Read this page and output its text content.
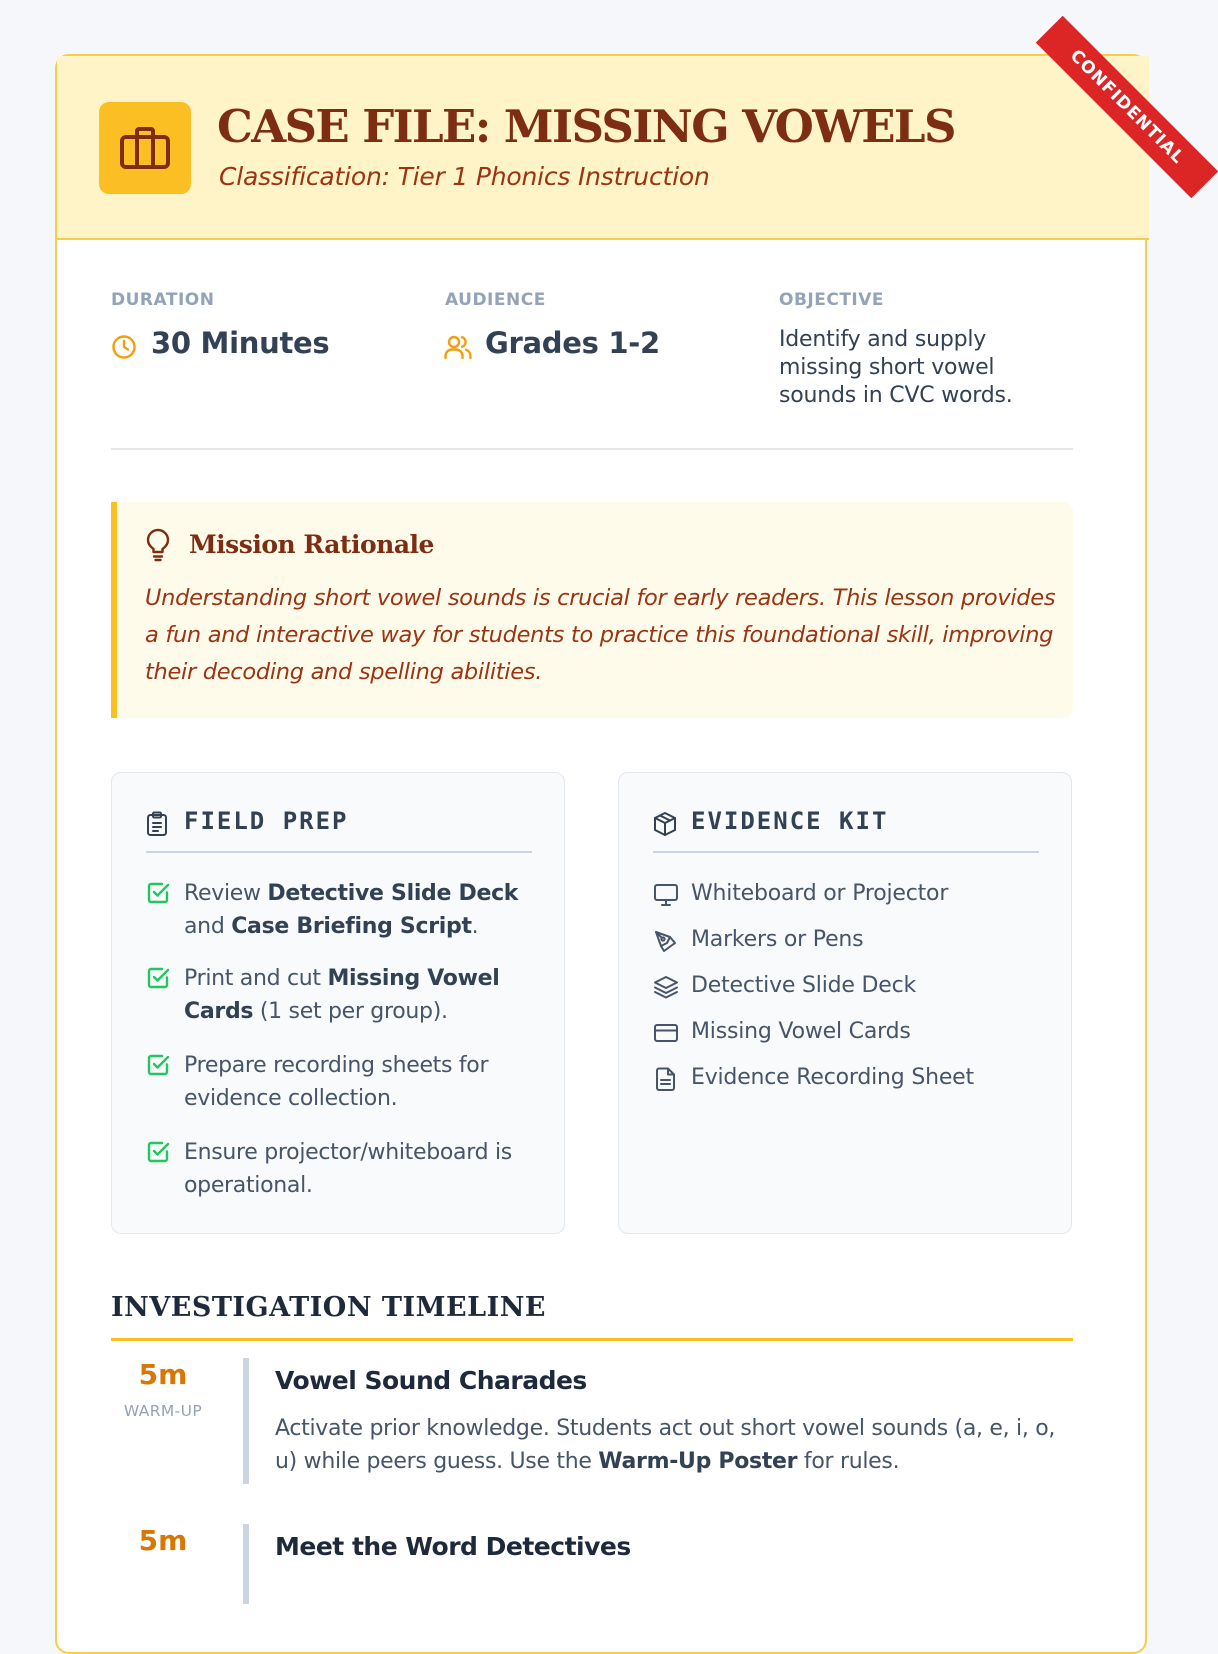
CASE FILE: MISSING VOWELS
Classification: Tier 1 Phonics Instruction
CONFIDENTIAL
DURATION
30 Minutes
AUDIENCE
Grades 1-2
OBJECTIVE
Identify and supply missing short vowel sounds in CVC words.
Mission Rationale
Understanding short vowel sounds is crucial for early readers. This lesson provides a fun and interactive way for students to practice this foundational skill, improving their decoding and spelling abilities.
FIELD PREP
Review Detective Slide Deck and Case Briefing Script.
Print and cut Missing Vowel Cards (1 set per group).
Prepare recording sheets for evidence collection.
Ensure projector/whiteboard is operational.
EVIDENCE KIT
Whiteboard or Projector
Markers or Pens
Detective Slide Deck
Missing Vowel Cards
Evidence Recording Sheet
INVESTIGATION TIMELINE
5m
WARM-UP
Vowel Sound Charades
Activate prior knowledge. Students act out short vowel sounds (a, e, i, o, u) while peers guess. Use the Warm-Up Poster for rules.
5m	Meet the Word Detectives
